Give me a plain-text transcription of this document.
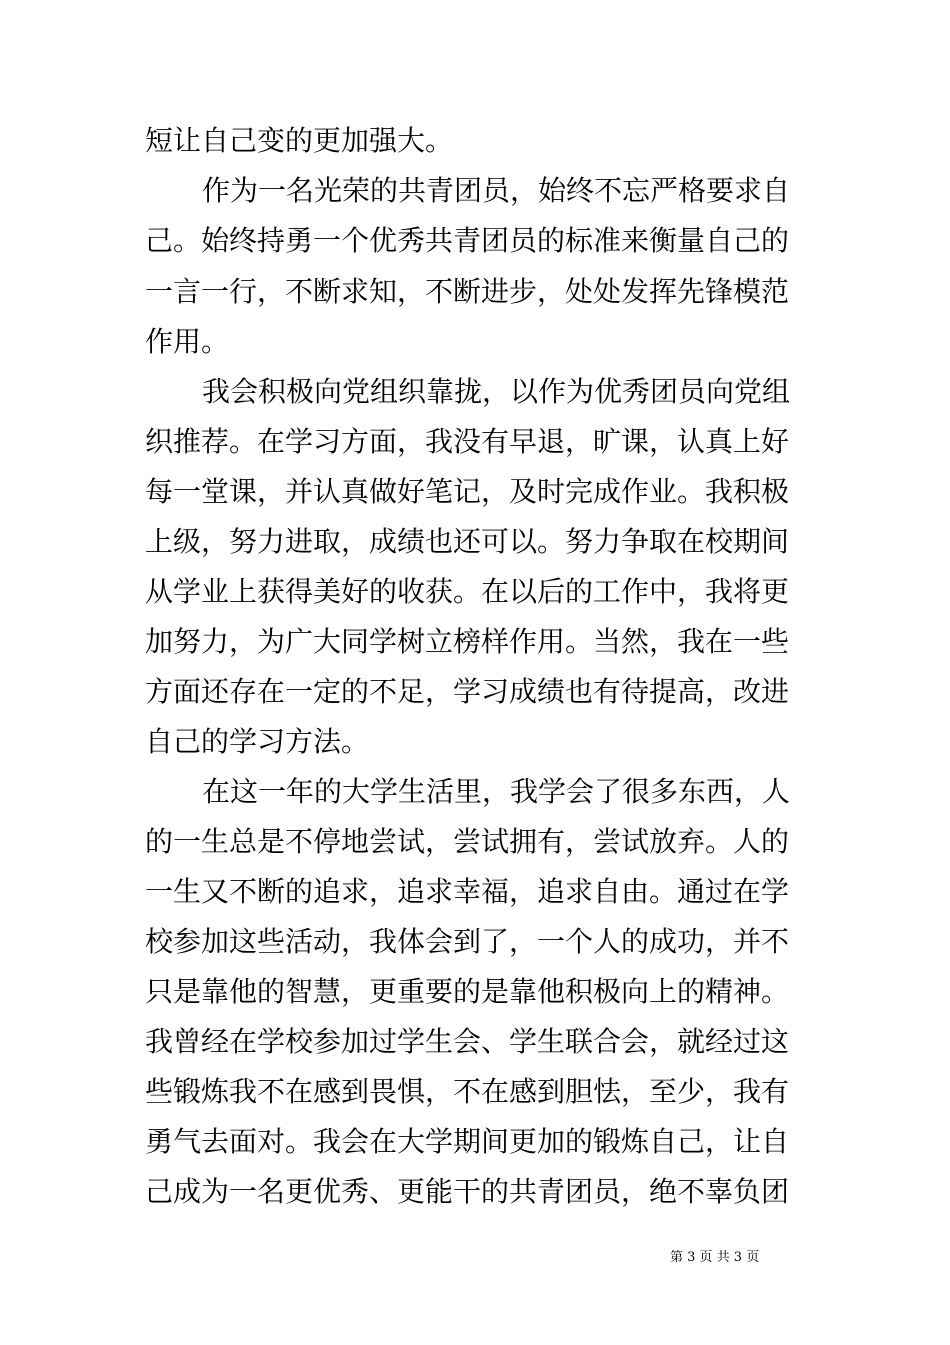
短让自己变的更加强大。
作为一名光荣的共青团员，始终不忘严格要求自
己。始终持勇一个优秀共青团员的标准来衡量自己的
一言一行，不断求知，不断进步，处处发挥先锋模范
作用。
我会积极向党组织靠拢，以作为优秀团员向党组
织推荐。在学习方面，我没有早退，旷课，认真上好
每一堂课，并认真做好笔记，及时完成作业。我积极
上级，努力进取，成绩也还可以。努力争取在校期间
从学业上获得美好的收获。在以后的工作中，我将更
加努力，为广大同学树立榜样作用。当然，我在一些
方面还存在一定的不足，学习成绩也有待提高，改进
自己的学习方法。
在这一年的大学生活里，我学会了很多东西，人
的一生总是不停地尝试，尝试拥有，尝试放弃。人的
一生又不断的追求，追求幸福，追求自由。通过在学
校参加这些活动，我体会到了，一个人的成功，并不
只是靠他的智慧，更重要的是靠他积极向上的精神。
我曾经在学校参加过学生会、学生联合会，就经过这
些锻炼我不在感到畏惧，不在感到胆怯，至少，我有
勇气去面对。我会在大学期间更加的锻炼自己，让自
己成为一名更优秀、更能干的共青团员，绝不辜负团
第 3 页 共 3 页
